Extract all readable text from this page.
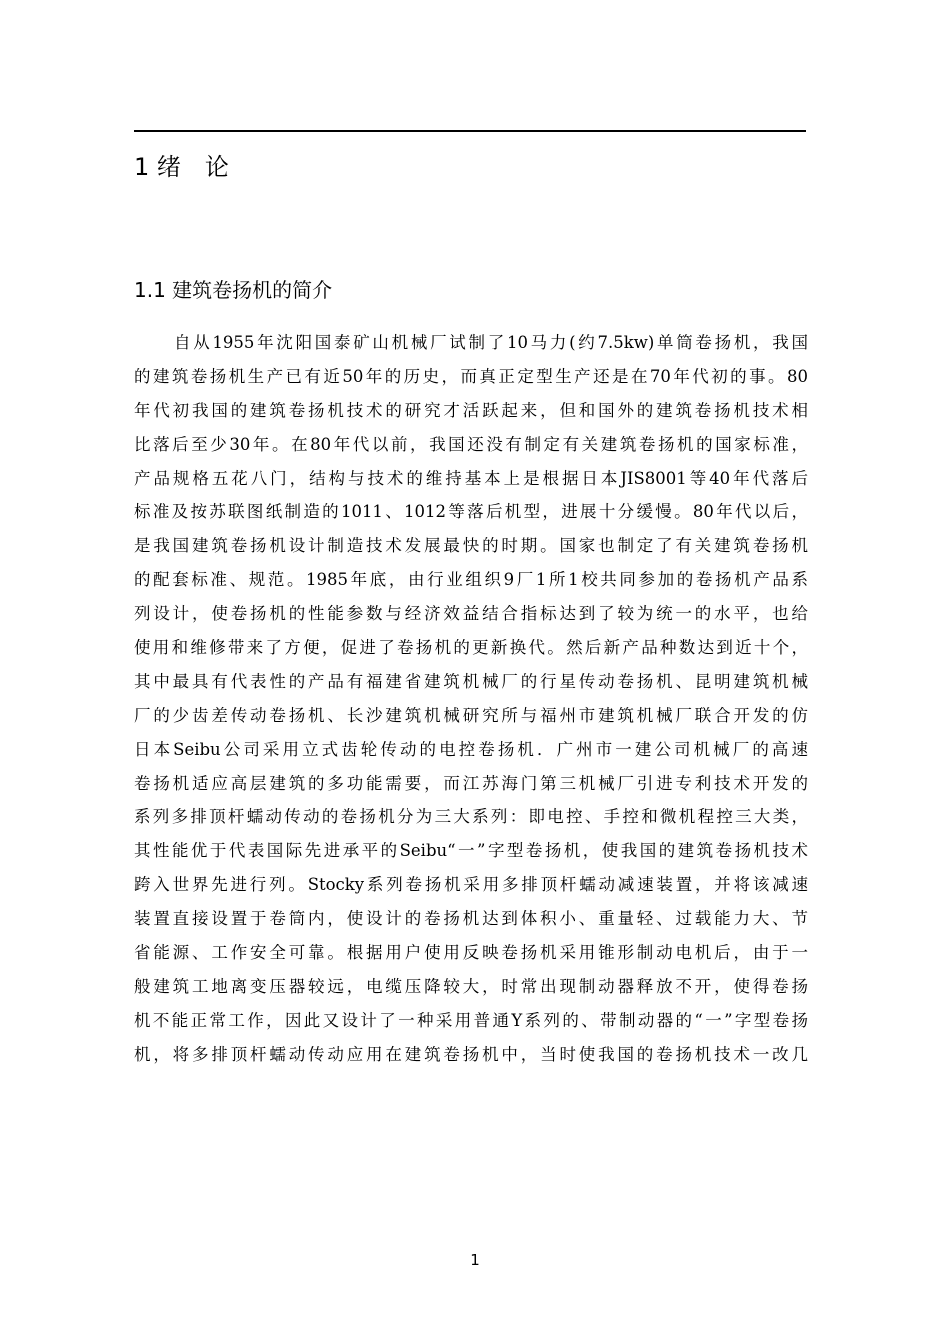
1 绪　论
1.1 建筑卷扬机的简介
自从1955年沈阳国泰矿山机械厂试制了10马力(约7.5kw)单筒卷扬机，我国
的建筑卷扬机生产已有近50年的历史，而真正定型生产还是在70年代初的事。80
年代初我国的建筑卷扬机技术的研究才活跃起来，但和国外的建筑卷扬机技术相
比落后至少30年。在80年代以前，我国还没有制定有关建筑卷扬机的国家标准，
产品规格五花八门，结构与技术的维持基本上是根据日本JIS8001等40年代落后
标准及按苏联图纸制造的1011、1012等落后机型，进展十分缓慢。80年代以后，
是我国建筑卷扬机设计制造技术发展最快的时期。国家也制定了有关建筑卷扬机
的配套标准、规范。1985年底，由行业组织9厂1所1校共同参加的卷扬机产品系
列设计，使卷扬机的性能参数与经济效益结合指标达到了较为统一的水平，也给
使用和维修带来了方便，促进了卷扬机的更新换代。然后新产品种数达到近十个，
其中最具有代表性的产品有福建省建筑机械厂的行星传动卷扬机、昆明建筑机械
厂的少齿差传动卷扬机、长沙建筑机械研究所与福州市建筑机械厂联合开发的仿
日本Seibu公司采用立式齿轮传动的电控卷扬机．广州市一建公司机械厂的高速
卷扬机适应高层建筑的多功能需要，而江苏海门第三机械厂引进专利技术开发的
系列多排顶杆蠕动传动的卷扬机分为三大系列：即电控、手控和微机程控三大类，
其性能优于代表国际先进承平的Seibu“一”字型卷扬机，使我国的建筑卷扬机技术
跨入世界先进行列。Stocky系列卷扬机采用多排顶杆蠕动减速装置，并将该减速
装置直接设置于卷筒内，使设计的卷扬机达到体积小、重量轻、过载能力大、节
省能源、工作安全可靠。根据用户使用反映卷扬机采用锥形制动电机后，由于一
般建筑工地离变压器较远，电缆压降较大，时常出现制动器释放不开，使得卷扬
机不能正常工作，因此又设计了一种采用普通Y系列的、带制动器的“一”字型卷扬
机，将多排顶杆蠕动传动应用在建筑卷扬机中，当时使我国的卷扬机技术一改几
1
